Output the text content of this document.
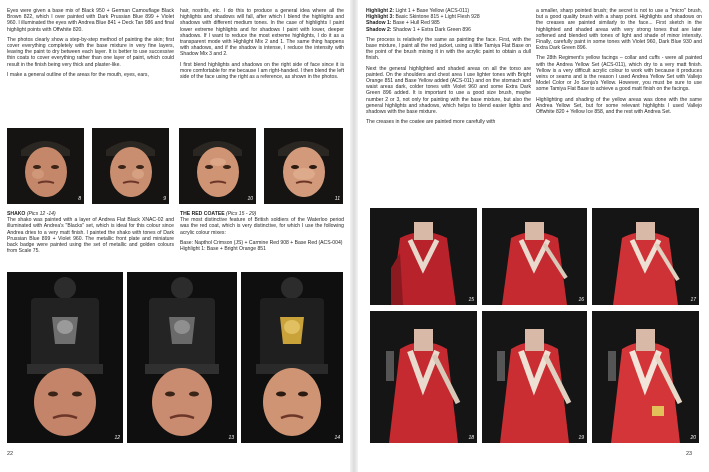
Eyes were given a base mix of Black 950 + German Camouflage Black Brown 822, which I over painted with Dark Prussian Blue 899 + Violet 960. I illuminated the eyes with Andrea Blue 841 + Deck Tan 986 and final highlight points with Offwhite 820.

The photos clearly show a step-by-step method of painting the skin; first cover everything completely with the base mixture in very fine layers, leaving the paint to dry between each layer. It is better to use successive thin coats to cover everything rather than one layer of paint, which could result in the finish being very thick and plaster-like.

I make a general outline of the areas for the mouth, eyes, ears,

hair, nostrils, etc. I do this to produce a general idea where all the highlights and shadows will fall, after which I blend the highlights and shadows with different medium tones. In the case of highlights I paint lower extreme highlights and for shadows I paint with lower, deeper shadows. If I want to reduce the most extreme highlights, I do it as a transparent mode with Highlight Mix 2 and 1. The same thing happens with shadows, and if the shadow is intense, I reduce the intensity with Shadow Mix 3 and 2.

I first blend highlights and shadows on the right side of face since it is more comfortable for me because I am right-handed. I then blend the left side of the face using the right as a reference, as shown in the photos.

8	9	10	11

SHAKO (Pics 12 -14)
The shako was painted with a layer of Andrea Flat Black XNAC-02 and illuminated with Andrea's "Blacks" set, which is ideal for this colour since Andrea dries to a very matt finish. I painted the shako with tones of Dark Prussian Blue 899 + Violet 960. The metallic front plate and miniature back badge were painted using the set of metallic and golden colours from Scale 75.

THE RED COATEE (Pics 15 - 29)
The most distinctive feature of British soldiers of the Waterloo period was the red coat, which is very distinctive, for which I use the following acrylic colour mixes:

Base: Napthol Crimson (JS) + Carmine Red 908 + Base Red (ACS-004)

Highlight 1: Base + Bright Orange 851

12	13	14
22

Highlight 2: Light 1 + Base Yellow (ACS-011)
Highlight 3: Basic Skintone 815 + Light Flesh 928
Shadow 1: Base + Hull Red 985
Shadow 2: Shadow 1 + Extra Dark Green 896

The process is relatively the same as painting the face. First, with the base mixture, I paint all the red jacket, using a little Tamiya Flat Base on the point of the brush mixing it in with the acrylic paint to obtain a dull finish.

Next the general highlighted and shaded areas on all the torso are painted. On the shoulders and chest area I use lighter tones with Bright Orange 851 and Base Yellow added (ACS-011) and on the stomach and waist areas dark, colder tones with Violet 960 and some Extra Dark Green 896 added. It is important to use a good size brush, maybe number 2 or 3, not only for painting with the base mixture, but also the general highlights and shadows, which helps to blend easier lights and shadows with the base mixture.

The creases in the coatee are painted more carefully with

a smaller, sharp pointed brush; the secret is not to use a "micro" brush, but a good quality brush with a sharp point. Highlights and shadows on the creases are painted similarly to the face... First sketch in the highlighted and shaded areas with very strong tones that are later softened and blended with tones of light and shade of minor intensity. Finally, carefully paint in some tones with Violet 960, Dark Blue 930 and Extra Dark Green 896.

The 28th Regiment's yellow facings – collar and cuffs - were all painted with the Andrea Yellow Set (ACS-011), which dry to a very matt finish. Yellow is a very difficult acrylic colour to work with because it produces veins or seams and is the reason I used Andrea Yellow Set with Vallejo Model Color or Jo Sonja's Yellow. However, you must be sure to use some Tamiya Flat Base to achieve a good matt finish on the facings.

Highlighting and shading of the yellow areas was done with the same Andrea Yellow Set, but for some relevant highlights I used Vallejo Offwhite 820 + Yellow Ice 858, and the rest with Andrea Set.

15	16	17
18	19	20
23
